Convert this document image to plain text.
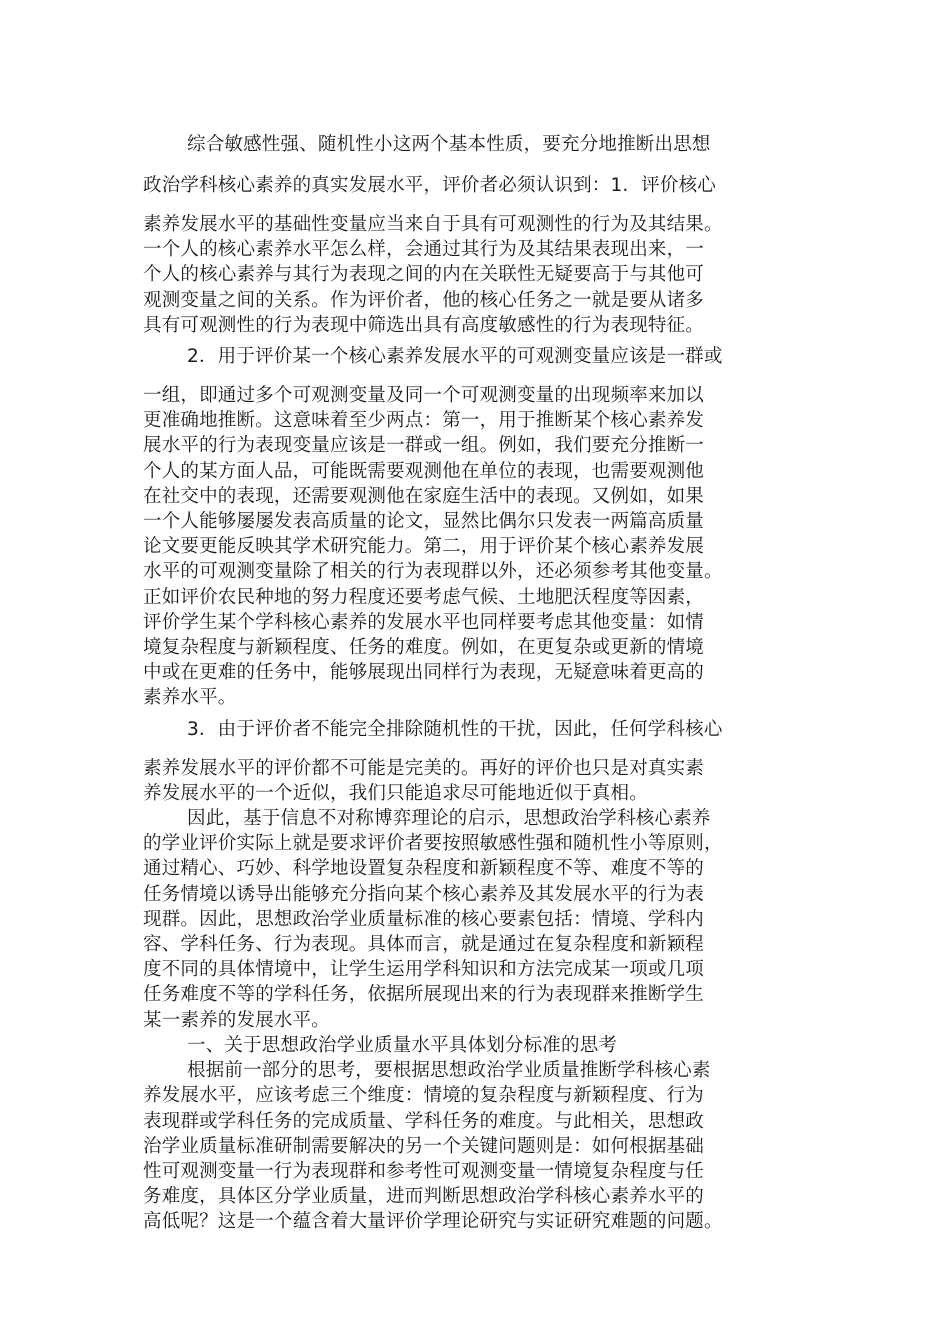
综合敏感性强、随机性小这两个基本性质，要充分地推断出思想
政治学科核心素养的真实发展水平，评价者必须认识到：1．评价核心
素养发展水平的基础性变量应当来自于具有可观测性的行为及其结果。
一个人的核心素养水平怎么样，会通过其行为及其结果表现出来，一
个人的核心素养与其行为表现之间的内在关联性无疑要高于与其他可
观测变量之间的关系。作为评价者，他的核心任务之一就是要从诸多
具有可观测性的行为表现中筛选出具有高度敏感性的行为表现特征。
2．用于评价某一个核心素养发展水平的可观测变量应该是一群或
一组，即通过多个可观测变量及同一个可观测变量的出现频率来加以
更准确地推断。这意味着至少两点：第一，用于推断某个核心素养发
展水平的行为表现变量应该是一群或一组。例如，我们要充分推断一
个人的某方面人品，可能既需要观测他在单位的表现，也需要观测他
在社交中的表现，还需要观测他在家庭生活中的表现。又例如，如果
一个人能够屡屡发表高质量的论文，显然比偶尔只发表一两篇高质量
论文要更能反映其学术研究能力。第二，用于评价某个核心素养发展
水平的可观测变量除了相关的行为表现群以外，还必须参考其他变量。
正如评价农民种地的努力程度还要考虑气候、土地肥沃程度等因素，
评价学生某个学科核心素养的发展水平也同样要考虑其他变量：如情
境复杂程度与新颖程度、任务的难度。例如，在更复杂或更新的情境
中或在更难的任务中，能够展现出同样行为表现，无疑意味着更高的
素养水平。
3．由于评价者不能完全排除随机性的干扰，因此，任何学科核心
素养发展水平的评价都不可能是完美的。再好的评价也只是对真实素
养发展水平的一个近似，我们只能追求尽可能地近似于真相。
因此，基于信息不对称博弈理论的启示，思想政治学科核心素养
的学业评价实际上就是要求评价者要按照敏感性强和随机性小等原则，
通过精心、巧妙、科学地设置复杂程度和新颖程度不等、难度不等的
任务情境以诱导出能够充分指向某个核心素养及其发展水平的行为表
现群。因此，思想政治学业质量标准的核心要素包括：情境、学科内
容、学科任务、行为表现。具体而言，就是通过在复杂程度和新颖程
度不同的具体情境中，让学生运用学科知识和方法完成某一项或几项
任务难度不等的学科任务，依据所展现出来的行为表现群来推断学生
某一素养的发展水平。
一、关于思想政治学业质量水平具体划分标准的思考
根据前一部分的思考，要根据思想政治学业质量推断学科核心素
养发展水平，应该考虑三个维度：情境的复杂程度与新颖程度、行为
表现群或学科任务的完成质量、学科任务的难度。与此相关，思想政
治学业质量标准研制需要解决的另一个关键问题则是：如何根据基础
性可观测变量一行为表现群和参考性可观测变量一情境复杂程度与任
务难度，具体区分学业质量，进而判断思想政治学科核心素养水平的
高低呢？这是一个蕴含着大量评价学理论研究与实证研究难题的问题。
